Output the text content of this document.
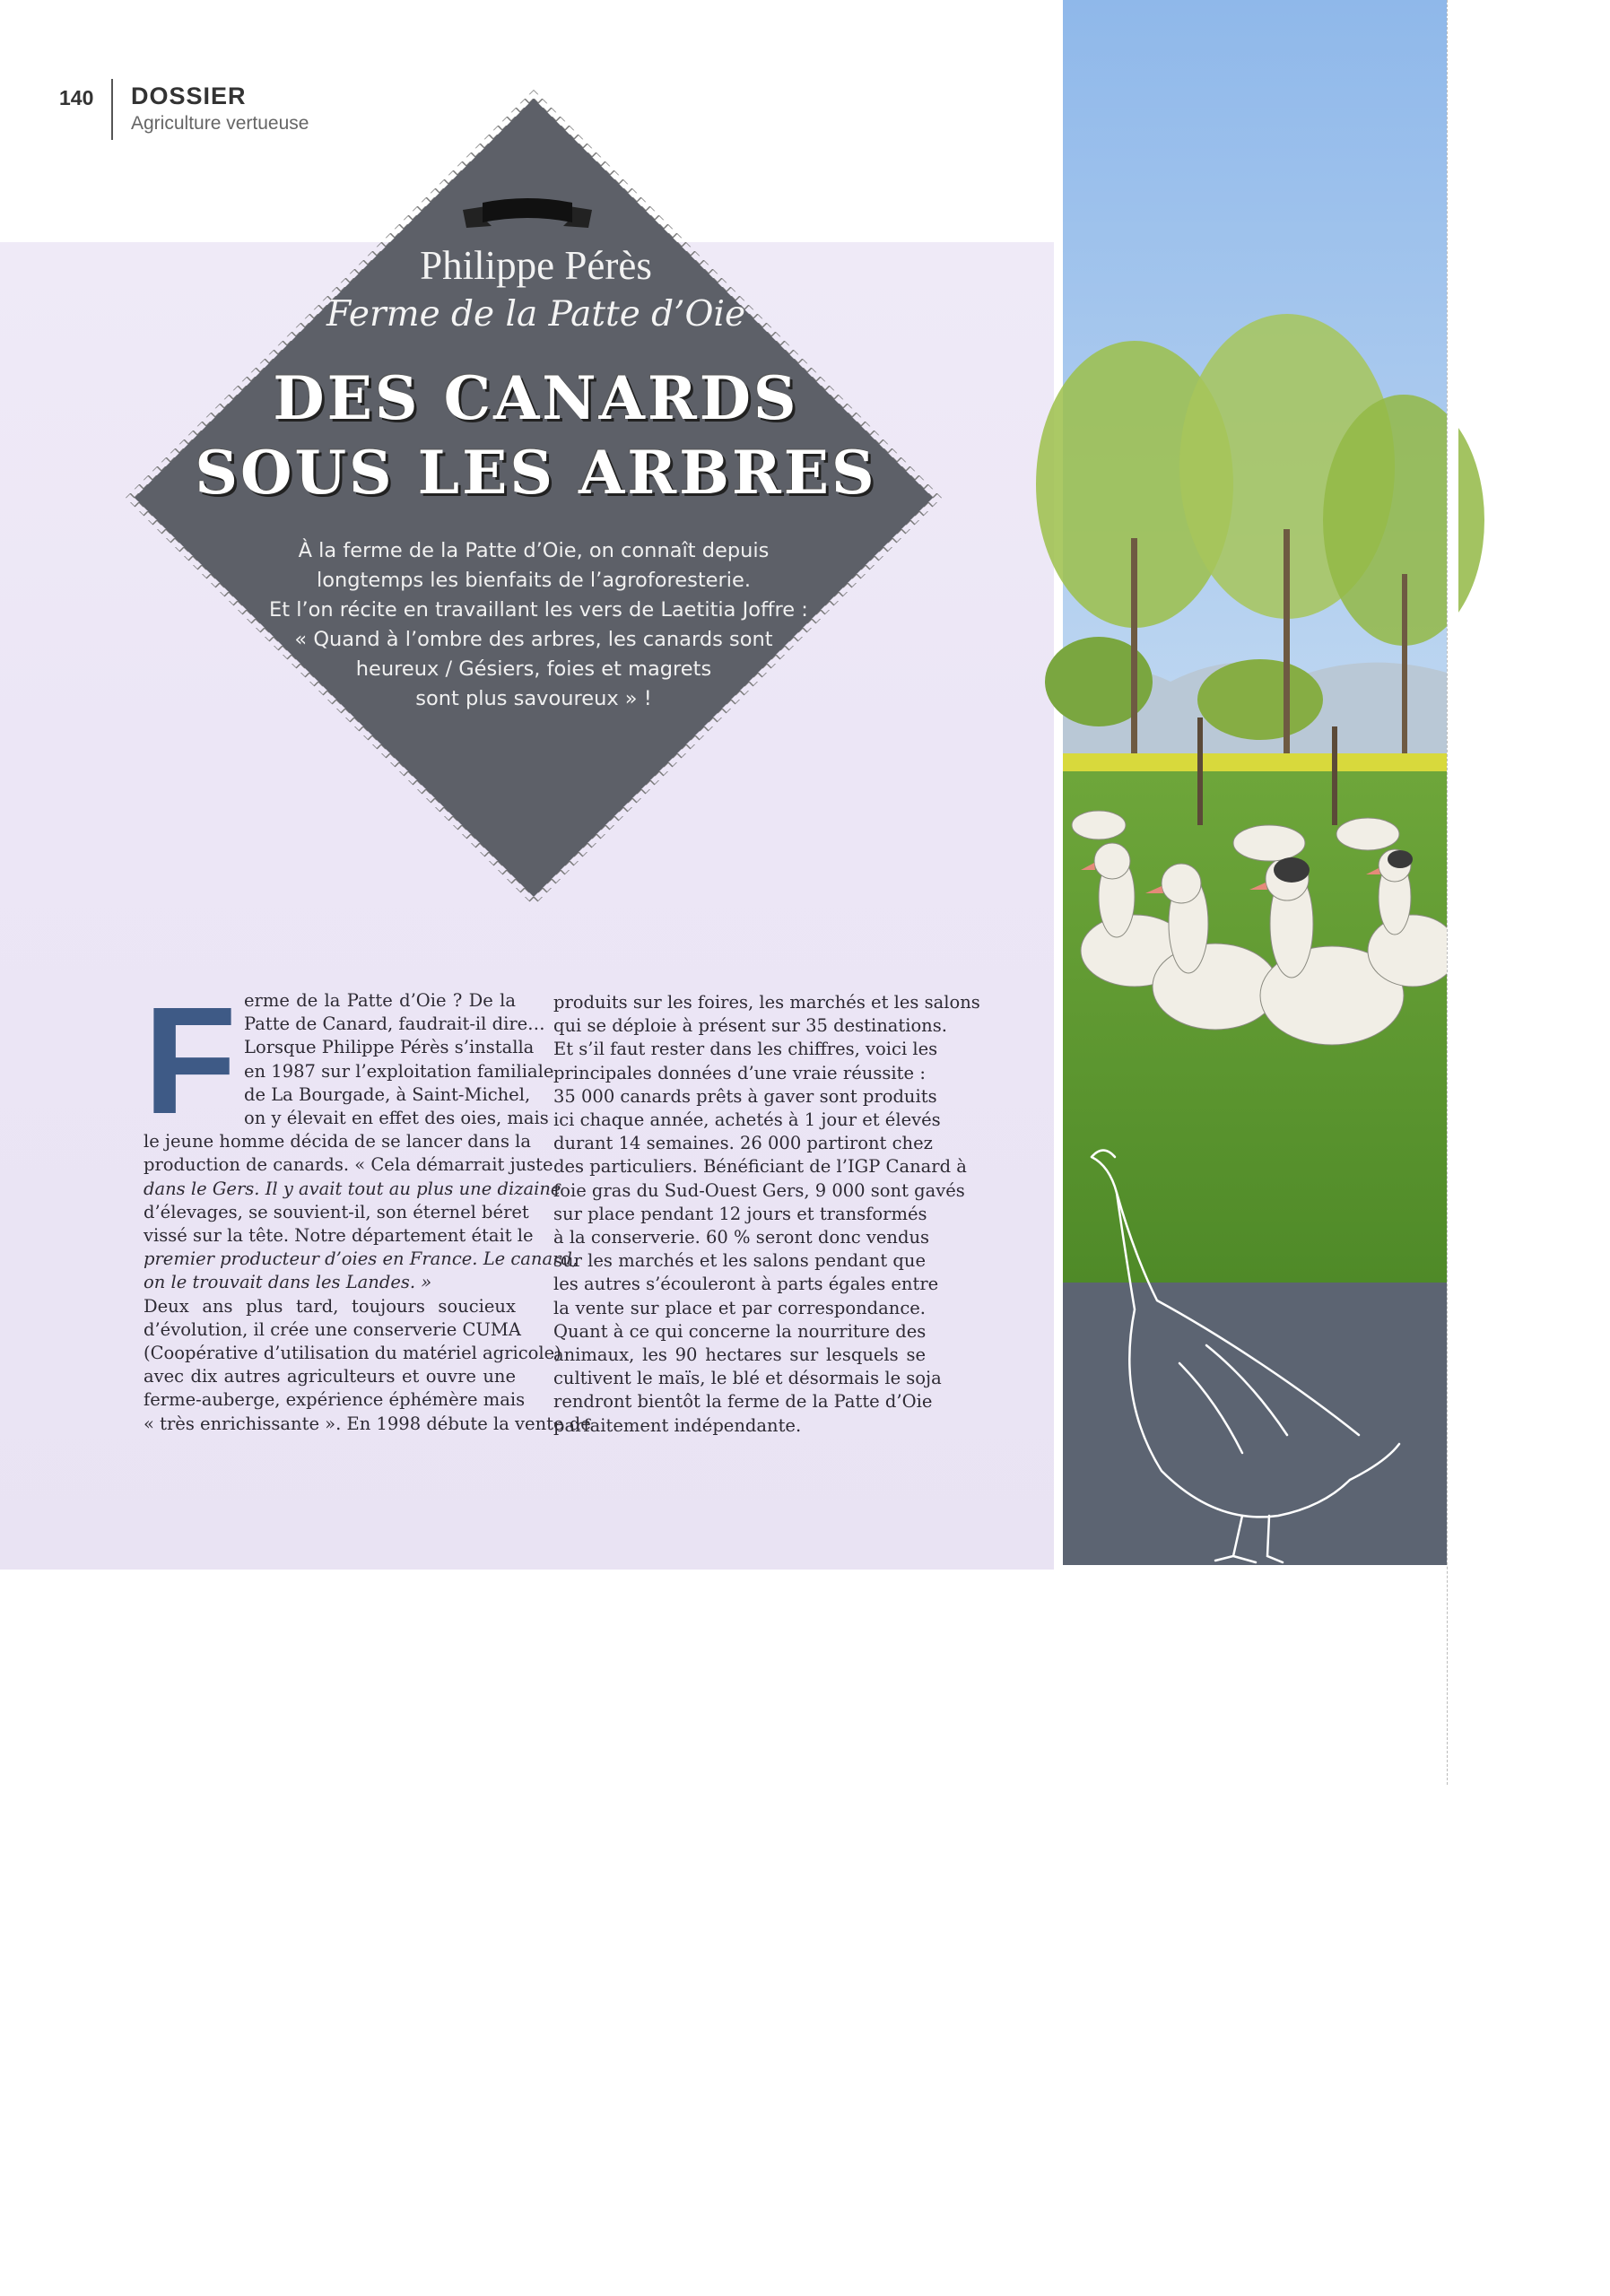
140 DOSSIER
Agriculture vertueuse
Philippe Pérès
Ferme de la Patte d’Oie
DES CANARDS
SOUS LES ARBRES
À la ferme de la Patte d’Oie, on connaît depuis
longtemps les bienfaits de l’agroforesterie.
Et l’on récite en travaillant les vers de Laetitia Joffre :
« Quand à l’ombre des arbres, les canards sont
heureux / Gésiers, foies et magrets
sont plus savoureux » !
F erme de la Patte d’Oie ? De la
Patte de Canard, faudrait-il dire…
Lorsque Philippe Pérès s’installa
en 1987 sur l’exploitation familiale
de La Bourgade, à Saint-Michel,
on y élevait en effet des oies, mais
le jeune homme décida de se lancer dans la
production de canards. « Cela démarrait juste
dans le Gers. Il y avait tout au plus une dizaine
d’élevages, se souvient-il, son éternel béret
vissé sur la tête. Notre département était le
premier producteur d’oies en France. Le canard,
on le trouvait dans les Landes. »
Deux ans plus tard, toujours soucieux
d’évolution, il crée une conserverie CUMA
(Coopérative d’utilisation du matériel agricole)
avec dix autres agriculteurs et ouvre une
ferme-auberge, expérience éphémère mais
« très enrichissante ». En 1998 débute la vente de
produits sur les foires, les marchés et les salons
qui se déploie à présent sur 35 destinations.
Et s’il faut rester dans les chiffres, voici les
principales données d’une vraie réussite :
35 000 canards prêts à gaver sont produits
ici chaque année, achetés à 1 jour et élevés
durant 14 semaines. 26 000 partiront chez
des particuliers. Bénéficiant de l’IGP Canard à
foie gras du Sud-Ouest Gers, 9 000 sont gavés
sur place pendant 12 jours et transformés
à la conserverie. 60 % seront donc vendus
sur les marchés et les salons pendant que
les autres s’écouleront à parts égales entre
la vente sur place et par correspondance.
Quant à ce qui concerne la nourriture des
animaux, les 90 hectares sur lesquels se
cultivent le maïs, le blé et désormais le soja
rendront bientôt la ferme de la Patte d’Oie
parfaitement indépendante.
